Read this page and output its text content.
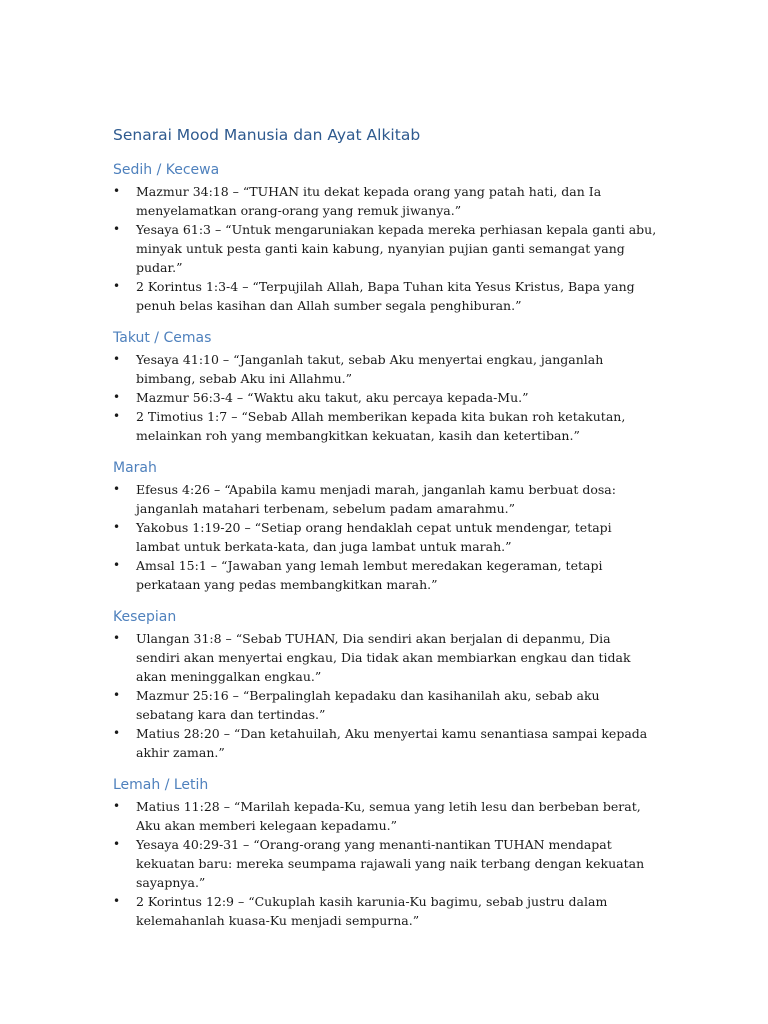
Senarai Mood Manusia dan Ayat Alkitab
Sedih / Kecewa
• Mazmur 34:18 – “TUHAN itu dekat kepada orang yang patah hati, dan Ia menyelamatkan orang-orang yang remuk jiwanya.”
• Yesaya 61:3 – “Untuk mengaruniakan kepada mereka perhiasan kepala ganti abu, minyak untuk pesta ganti kain kabung, nyanyian pujian ganti semangat yang pudar.”
• 2 Korintus 1:3-4 – “Terpujilah Allah, Bapa Tuhan kita Yesus Kristus, Bapa yang penuh belas kasihan dan Allah sumber segala penghiburan.”
Takut / Cemas
• Yesaya 41:10 – “Janganlah takut, sebab Aku menyertai engkau, janganlah bimbang, sebab Aku ini Allahmu.”
• Mazmur 56:3-4 – “Waktu aku takut, aku percaya kepada-Mu.”
• 2 Timotius 1:7 – “Sebab Allah memberikan kepada kita bukan roh ketakutan, melainkan roh yang membangkitkan kekuatan, kasih dan ketertiban.”
Marah
• Efesus 4:26 – “Apabila kamu menjadi marah, janganlah kamu berbuat dosa: janganlah matahari terbenam, sebelum padam amarahmu.”
• Yakobus 1:19-20 – “Setiap orang hendaklah cepat untuk mendengar, tetapi lambat untuk berkata-kata, dan juga lambat untuk marah.”
• Amsal 15:1 – “Jawaban yang lemah lembut meredakan kegeraman, tetapi perkataan yang pedas membangkitkan marah.”
Kesepian
• Ulangan 31:8 – “Sebab TUHAN, Dia sendiri akan berjalan di depanmu, Dia sendiri akan menyertai engkau, Dia tidak akan membiarkan engkau dan tidak akan meninggalkan engkau.”
• Mazmur 25:16 – “Berpalinglah kepadaku dan kasihanilah aku, sebab aku sebatang kara dan tertindas.”
• Matius 28:20 – “Dan ketahuilah, Aku menyertai kamu senantiasa sampai kepada akhir zaman.”
Lemah / Letih
• Matius 11:28 – “Marilah kepada-Ku, semua yang letih lesu dan berbeban berat, Aku akan memberi kelegaan kepadamu.”
• Yesaya 40:29-31 – “Orang-orang yang menanti-nantikan TUHAN mendapat kekuatan baru: mereka seumpama rajawali yang naik terbang dengan kekuatan sayapnya.”
• 2 Korintus 12:9 – “Cukuplah kasih karunia-Ku bagimu, sebab justru dalam kelemahanlah kuasa-Ku menjadi sempurna.”
